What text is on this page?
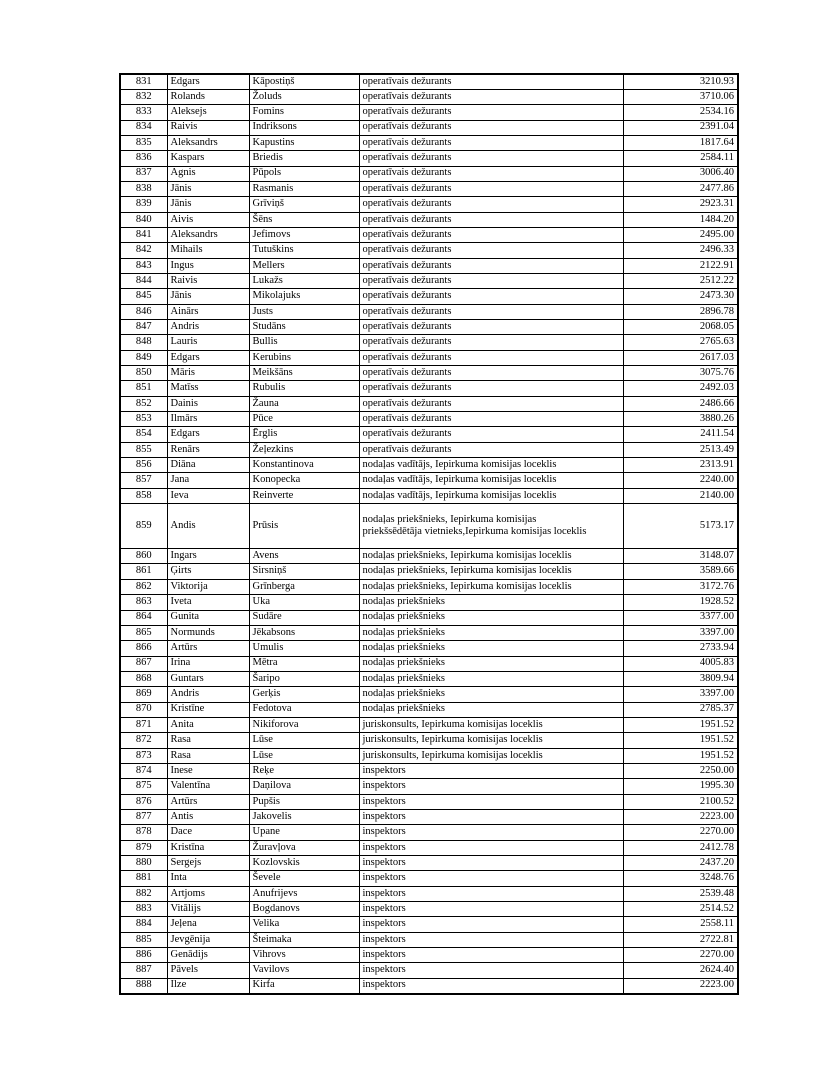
831	Edgars	Kāpostiņš	operatīvais dežurants	3210.93
832	Rolands	Žoluds	operatīvais dežurants	3710.06
833	Aleksejs	Fomins	operatīvais dežurants	2534.16
834	Raivis	Indriksons	operatīvais dežurants	2391.04
835	Aleksandrs	Kapustins	operatīvais dežurants	1817.64
836	Kaspars	Briedis	operatīvais dežurants	2584.11
837	Agnis	Pūpols	operatīvais dežurants	3006.40
838	Jānis	Rasmanis	operatīvais dežurants	2477.86
839	Jānis	Grīviņš	operatīvais dežurants	2923.31
840	Aivis	Šēns	operatīvais dežurants	1484.20
841	Aleksandrs	Jefimovs	operatīvais dežurants	2495.00
842	Mihails	Tutuškins	operatīvais dežurants	2496.33
843	Ingus	Mellers	operatīvais dežurants	2122.91
844	Raivis	Lukažs	operatīvais dežurants	2512.22
845	Jānis	Mikolajuks	operatīvais dežurants	2473.30
846	Ainārs	Justs	operatīvais dežurants	2896.78
847	Andris	Studāns	operatīvais dežurants	2068.05
848	Lauris	Bullis	operatīvais dežurants	2765.63
849	Edgars	Kerubins	operatīvais dežurants	2617.03
850	Māris	Meikšāns	operatīvais dežurants	3075.76
851	Matīss	Rubulis	operatīvais dežurants	2492.03
852	Dainis	Žauna	operatīvais dežurants	2486.66
853	Ilmārs	Pūce	operatīvais dežurants	3880.26
854	Edgars	Ērglis	operatīvais dežurants	2411.54
855	Renārs	Žeļezkins	operatīvais dežurants	2513.49
856	Diāna	Konstantinova	nodaļas vadītājs, Iepirkuma komisijas loceklis	2313.91
857	Jana	Konopecka	nodaļas vadītājs, Iepirkuma komisijas loceklis	2240.00
858	Ieva	Reinverte	nodaļas vadītājs, Iepirkuma komisijas loceklis	2140.00
859	Andis	Prūsis	nodaļas priekšnieks, Iepirkuma komisijas
priekšsēdētāja vietnieks,Iepirkuma komisijas loceklis	5173.17
860	Ingars	Avens	nodaļas priekšnieks, Iepirkuma komisijas loceklis	3148.07
861	Ģirts	Sirsniņš	nodaļas priekšnieks, Iepirkuma komisijas loceklis	3589.66
862	Viktorija	Grīnberga	nodaļas priekšnieks, Iepirkuma komisijas loceklis	3172.76
863	Iveta	Uka	nodaļas priekšnieks	1928.52
864	Gunita	Sudāre	nodaļas priekšnieks	3377.00
865	Normunds	Jēkabsons	nodaļas priekšnieks	3397.00
866	Artūrs	Umulis	nodaļas priekšnieks	2733.94
867	Irina	Mētra	nodaļas priekšnieks	4005.83
868	Guntars	Šaripo	nodaļas priekšnieks	3809.94
869	Andris	Gerķis	nodaļas priekšnieks	3397.00
870	Kristīne	Fedotova	nodaļas priekšnieks	2785.37
871	Anita	Nikiforova	juriskonsults, Iepirkuma komisijas loceklis	1951.52
872	Rasa	Lūse	juriskonsults, Iepirkuma komisijas loceklis	1951.52
873	Rasa	Lūse	juriskonsults, Iepirkuma komisijas loceklis	1951.52
874	Inese	Reķe	inspektors	2250.00
875	Valentīna	Daņilova	inspektors	1995.30
876	Artūrs	Pupšis	inspektors	2100.52
877	Antis	Jakovelis	inspektors	2223.00
878	Dace	Upane	inspektors	2270.00
879	Kristīna	Žuravļova	inspektors	2412.78
880	Sergejs	Kozlovskis	inspektors	2437.20
881	Inta	Ševele	inspektors	3248.76
882	Artjoms	Anufrijevs	inspektors	2539.48
883	Vitālijs	Bogdanovs	inspektors	2514.52
884	Jeļena	Velika	inspektors	2558.11
885	Jevgēnija	Šteimaka	inspektors	2722.81
886	Genādijs	Vihrovs	inspektors	2270.00
887	Pāvels	Vavilovs	inspektors	2624.40
888	Ilze	Kirfa	inspektors	2223.00
